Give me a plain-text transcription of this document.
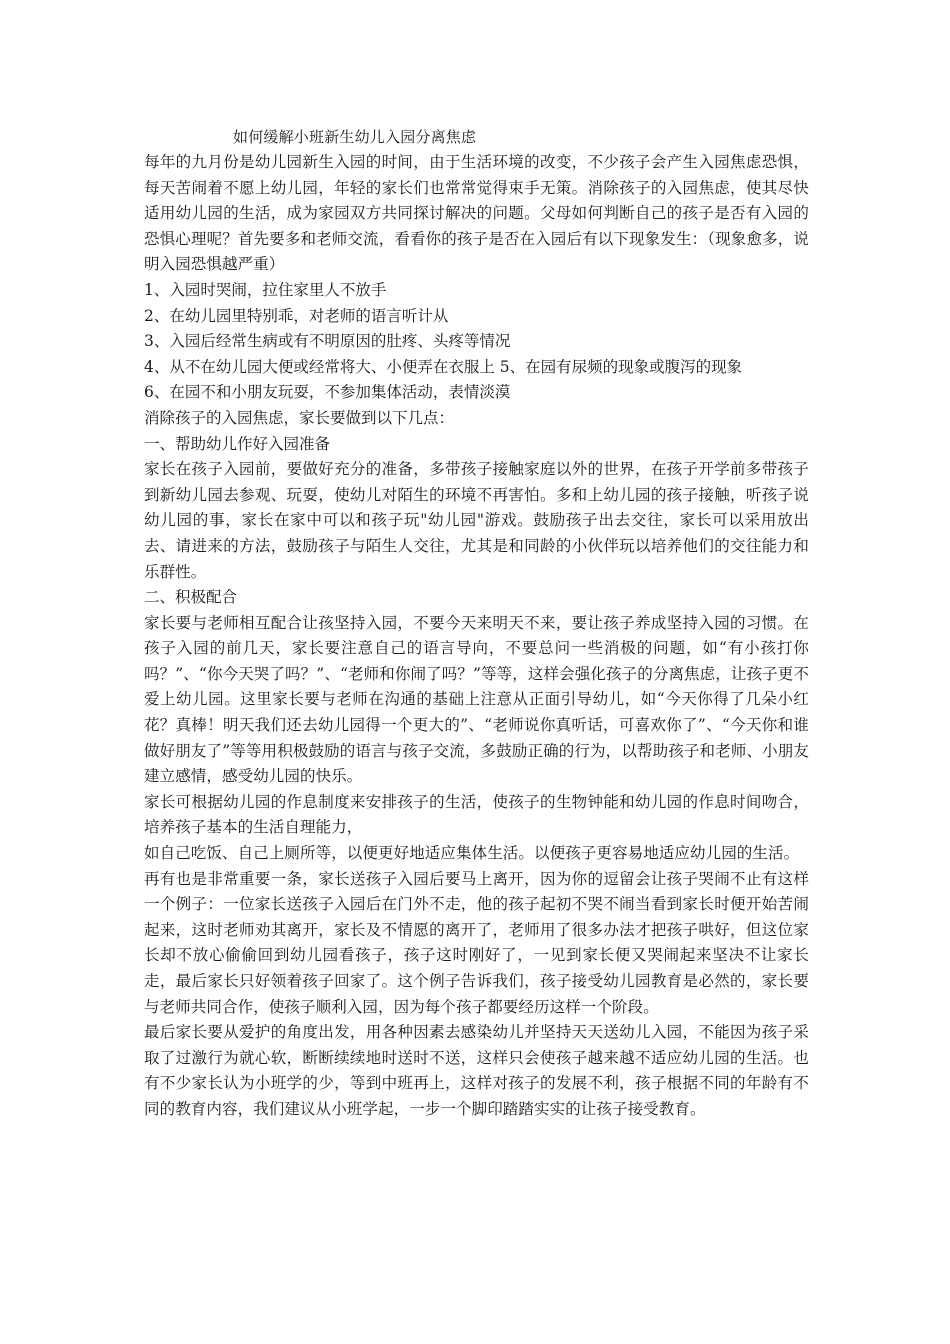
如何缓解小班新生幼儿入园分离焦虑

每年的九月份是幼儿园新生入园的时间，由于生活环境的改变，不少孩子会产生入园焦虑恐惧，每天苦闹着不愿上幼儿园，年轻的家长们也常常觉得束手无策。消除孩子的入园焦虑，使其尽快适用幼儿园的生活，成为家园双方共同探讨解决的问题。父母如何判断自己的孩子是否有入园的恐惧心理呢？首先要多和老师交流，看看你的孩子是否在入园后有以下现象发生：（现象愈多，说明入园恐惧越严重）

1、入园时哭闹，拉住家里人不放手

2、在幼儿园里特别乖，对老师的语言听计从

3、入园后经常生病或有不明原因的肚疼、头疼等情况

4、从不在幼儿园大便或经常将大、小便弄在衣服上 5、在园有尿频的现象或腹泻的现象

6、在园不和小朋友玩耍，不参加集体活动，表情淡漠

消除孩子的入园焦虑，家长要做到以下几点：

一、帮助幼儿作好入园准备

家长在孩子入园前，要做好充分的准备，多带孩子接触家庭以外的世界，在孩子开学前多带孩子到新幼儿园去参观、玩耍，使幼儿对陌生的环境不再害怕。多和上幼儿园的孩子接触，听孩子说幼儿园的事，家长在家中可以和孩子玩"幼儿园"游戏。鼓励孩子出去交往，家长可以采用放出去、请进来的方法，鼓励孩子与陌生人交往，尤其是和同龄的小伙伴玩以培养他们的交往能力和乐群性。

二、积极配合

家长要与老师相互配合让孩坚持入园，不要今天来明天不来，要让孩子养成坚持入园的习惯。在孩子入园的前几天，家长要注意自己的语言导向，不要总问一些消极的问题，如“有小孩打你吗？”、“你今天哭了吗？”、“老师和你闹了吗？”等等，这样会强化孩子的分离焦虑，让孩子更不爱上幼儿园。这里家长要与老师在沟通的基础上注意从正面引导幼儿，如“今天你得了几朵小红花？真棒！明天我们还去幼儿园得一个更大的”、“老师说你真听话，可喜欢你了”、“今天你和谁做好朋友了”等等用积极鼓励的语言与孩子交流，多鼓励正确的行为，以帮助孩子和老师、小朋友建立感情，感受幼儿园的快乐。

家长可根据幼儿园的作息制度来安排孩子的生活，使孩子的生物钟能和幼儿园的作息时间吻合，培养孩子基本的生活自理能力，

如自己吃饭、自己上厕所等，以便更好地适应集体生活。以便孩子更容易地适应幼儿园的生活。

再有也是非常重要一条，家长送孩子入园后要马上离开，因为你的逗留会让孩子哭闹不止有这样一个例子：一位家长送孩子入园后在门外不走，他的孩子起初不哭不闹当看到家长时便开始苦闹起来，这时老师劝其离开，家长及不情愿的离开了，老师用了很多办法才把孩子哄好，但这位家长却不放心偷偷回到幼儿园看孩子，孩子这时刚好了，一见到家长便又哭闹起来坚决不让家长走，最后家长只好领着孩子回家了。这个例子告诉我们，孩子接受幼儿园教育是必然的，家长要与老师共同合作，使孩子顺利入园，因为每个孩子都要经历这样一个阶段。

最后家长要从爱护的角度出发，用各种因素去感染幼儿并坚持天天送幼儿入园，不能因为孩子采取了过激行为就心软，断断续续地时送时不送，这样只会使孩子越来越不适应幼儿园的生活。也有不少家长认为小班学的少，等到中班再上，这样对孩子的发展不利，孩子根据不同的年龄有不同的教育内容，我们建议从小班学起，一步一个脚印踏踏实实的让孩子接受教育。
